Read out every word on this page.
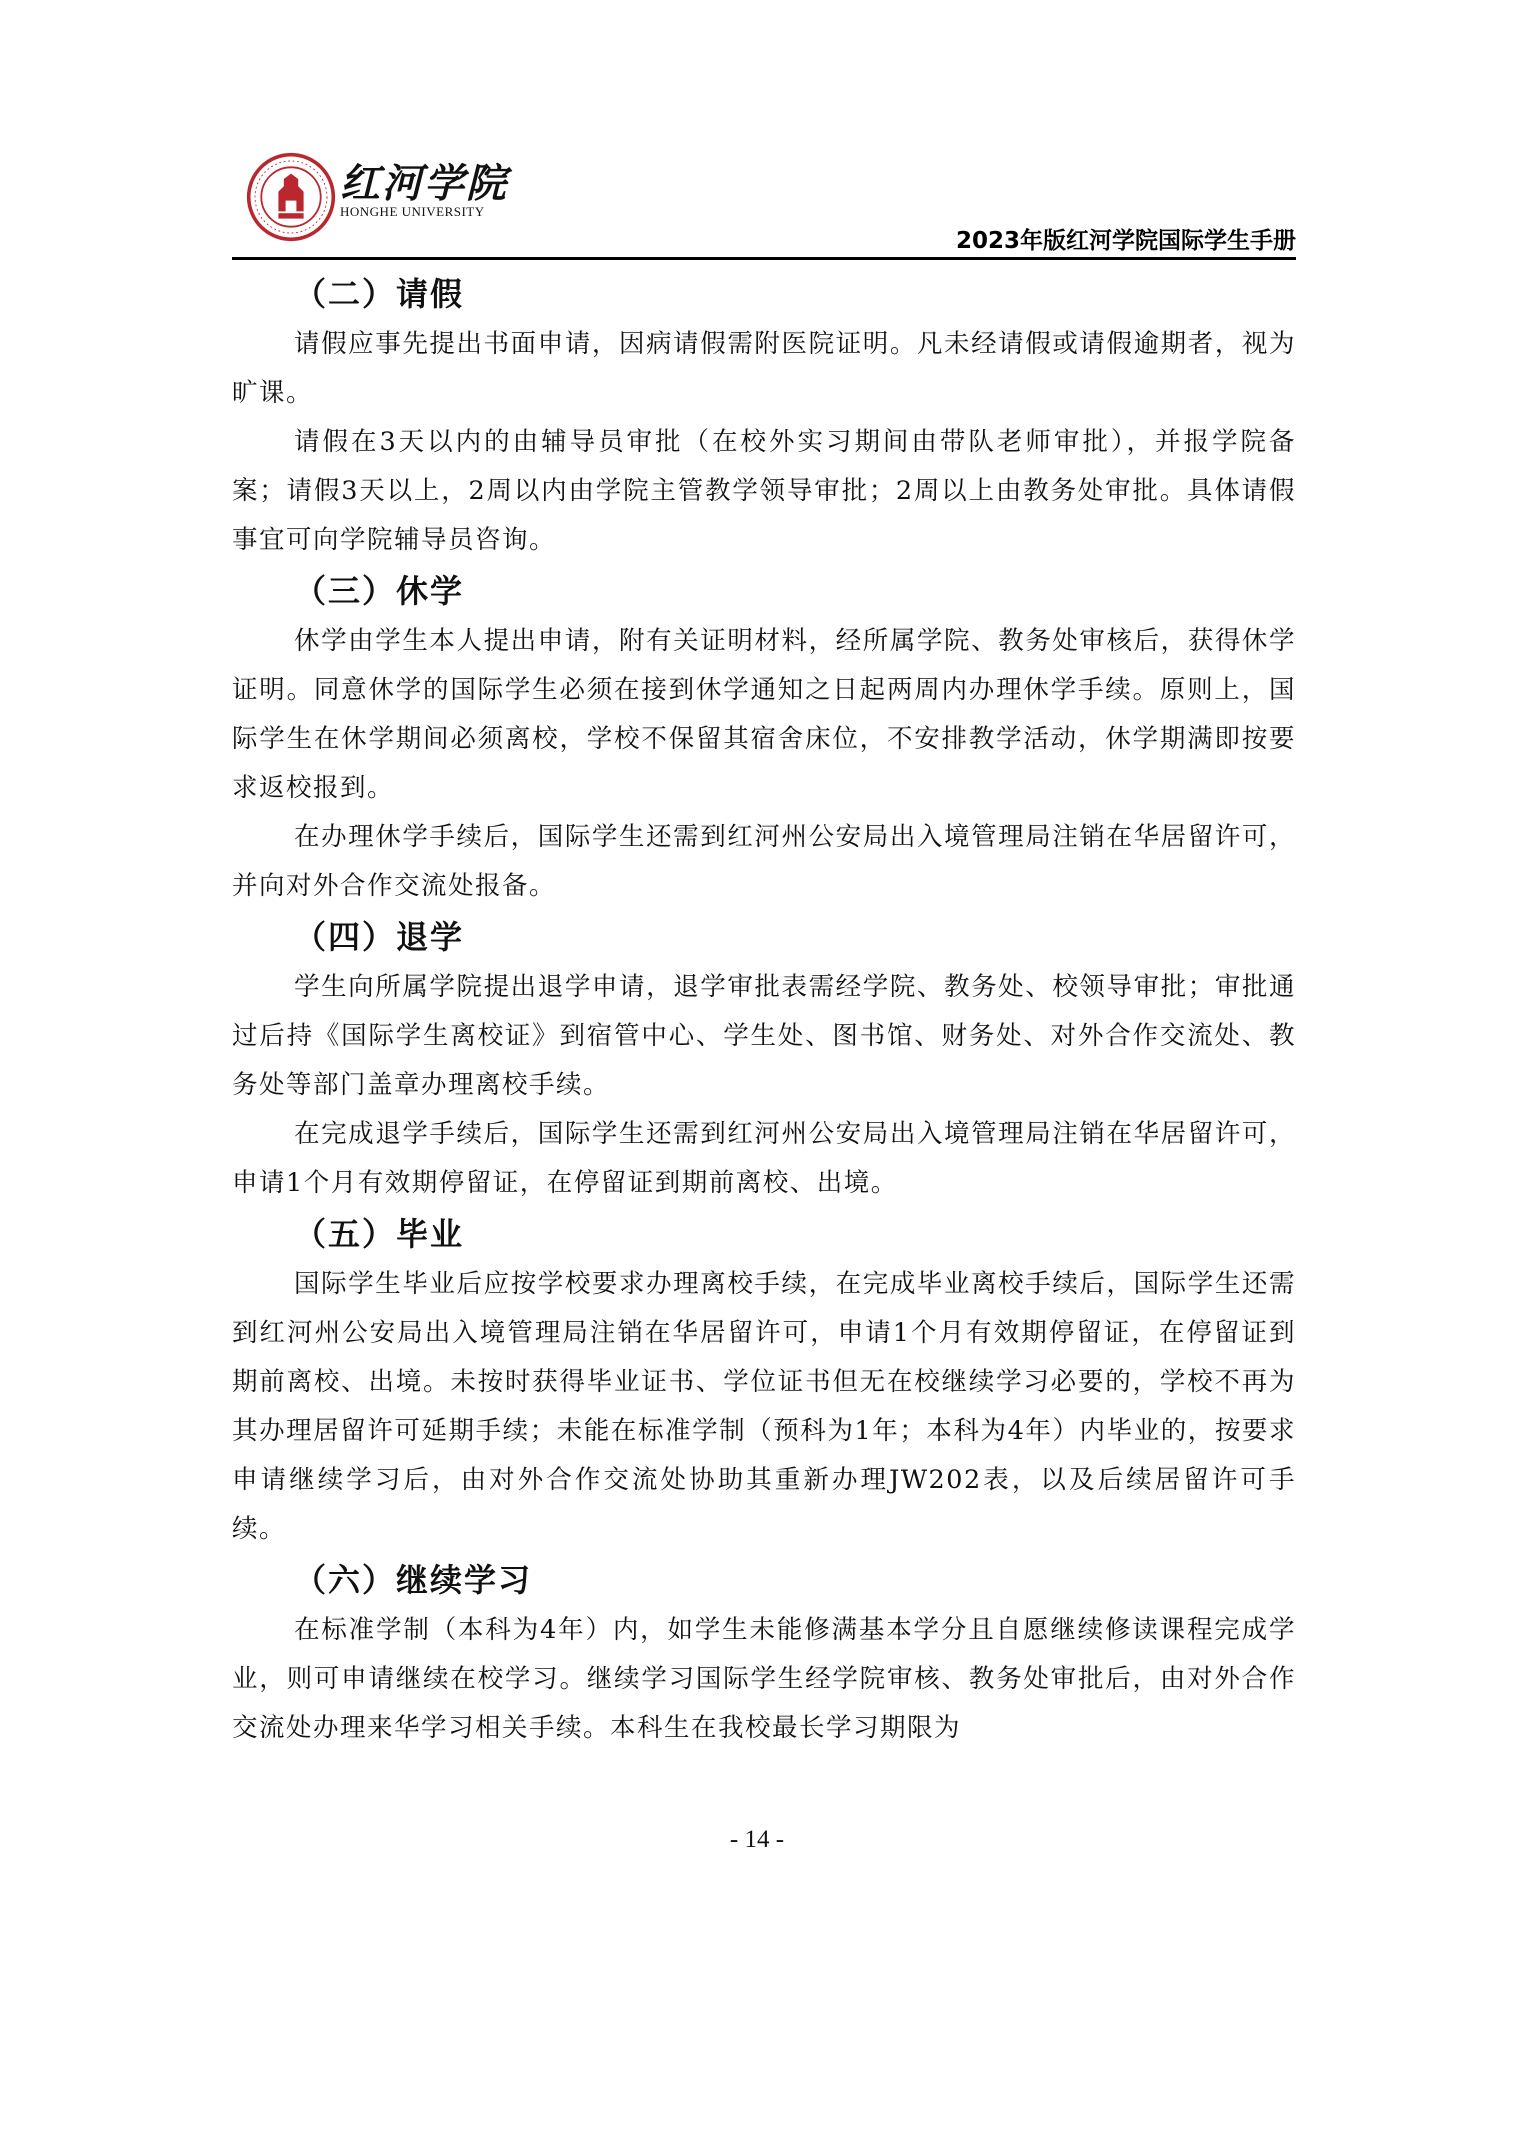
红河学院
HONGHE UNIVERSITY
2023年版红河学院国际学生手册
（二）请假

请假应事先提出书面申请，因病请假需附医院证明。凡未经请假或请假逾期者，视为旷课。

请假在3天以内的由辅导员审批（在校外实习期间由带队老师审批），并报学院备案；请假3天以上，2周以内由学院主管教学领导审批；2周以上由教务处审批。具体请假事宜可向学院辅导员咨询。

（三）休学

休学由学生本人提出申请，附有关证明材料，经所属学院、教务处审核后，获得休学证明。同意休学的国际学生必须在接到休学通知之日起两周内办理休学手续。原则上，国际学生在休学期间必须离校，学校不保留其宿舍床位，不安排教学活动，休学期满即按要求返校报到。

在办理休学手续后，国际学生还需到红河州公安局出入境管理局注销在华居留许可，并向对外合作交流处报备。

（四）退学

学生向所属学院提出退学申请，退学审批表需经学院、教务处、校领导审批；审批通过后持《国际学生离校证》到宿管中心、学生处、图书馆、财务处、对外合作交流处、教务处等部门盖章办理离校手续。

在完成退学手续后，国际学生还需到红河州公安局出入境管理局注销在华居留许可，申请1个月有效期停留证，在停留证到期前离校、出境。

（五）毕业

国际学生毕业后应按学校要求办理离校手续，在完成毕业离校手续后，国际学生还需到红河州公安局出入境管理局注销在华居留许可，申请1个月有效期停留证，在停留证到期前离校、出境。未按时获得毕业证书、学位证书但无在校继续学习必要的，学校不再为其办理居留许可延期手续；未能在标准学制（预科为1年；本科为4年）内毕业的，按要求申请继续学习后，由对外合作交流处协助其重新办理JW202表，以及后续居留许可手续。

（六）继续学习

在标准学制（本科为4年）内，如学生未能修满基本学分且自愿继续修读课程完成学业，则可申请继续在校学习。继续学习国际学生经学院审核、教务处审批后，由对外合作交流处办理来华学习相关手续。本科生在我校最长学习期限为

- 14 -
